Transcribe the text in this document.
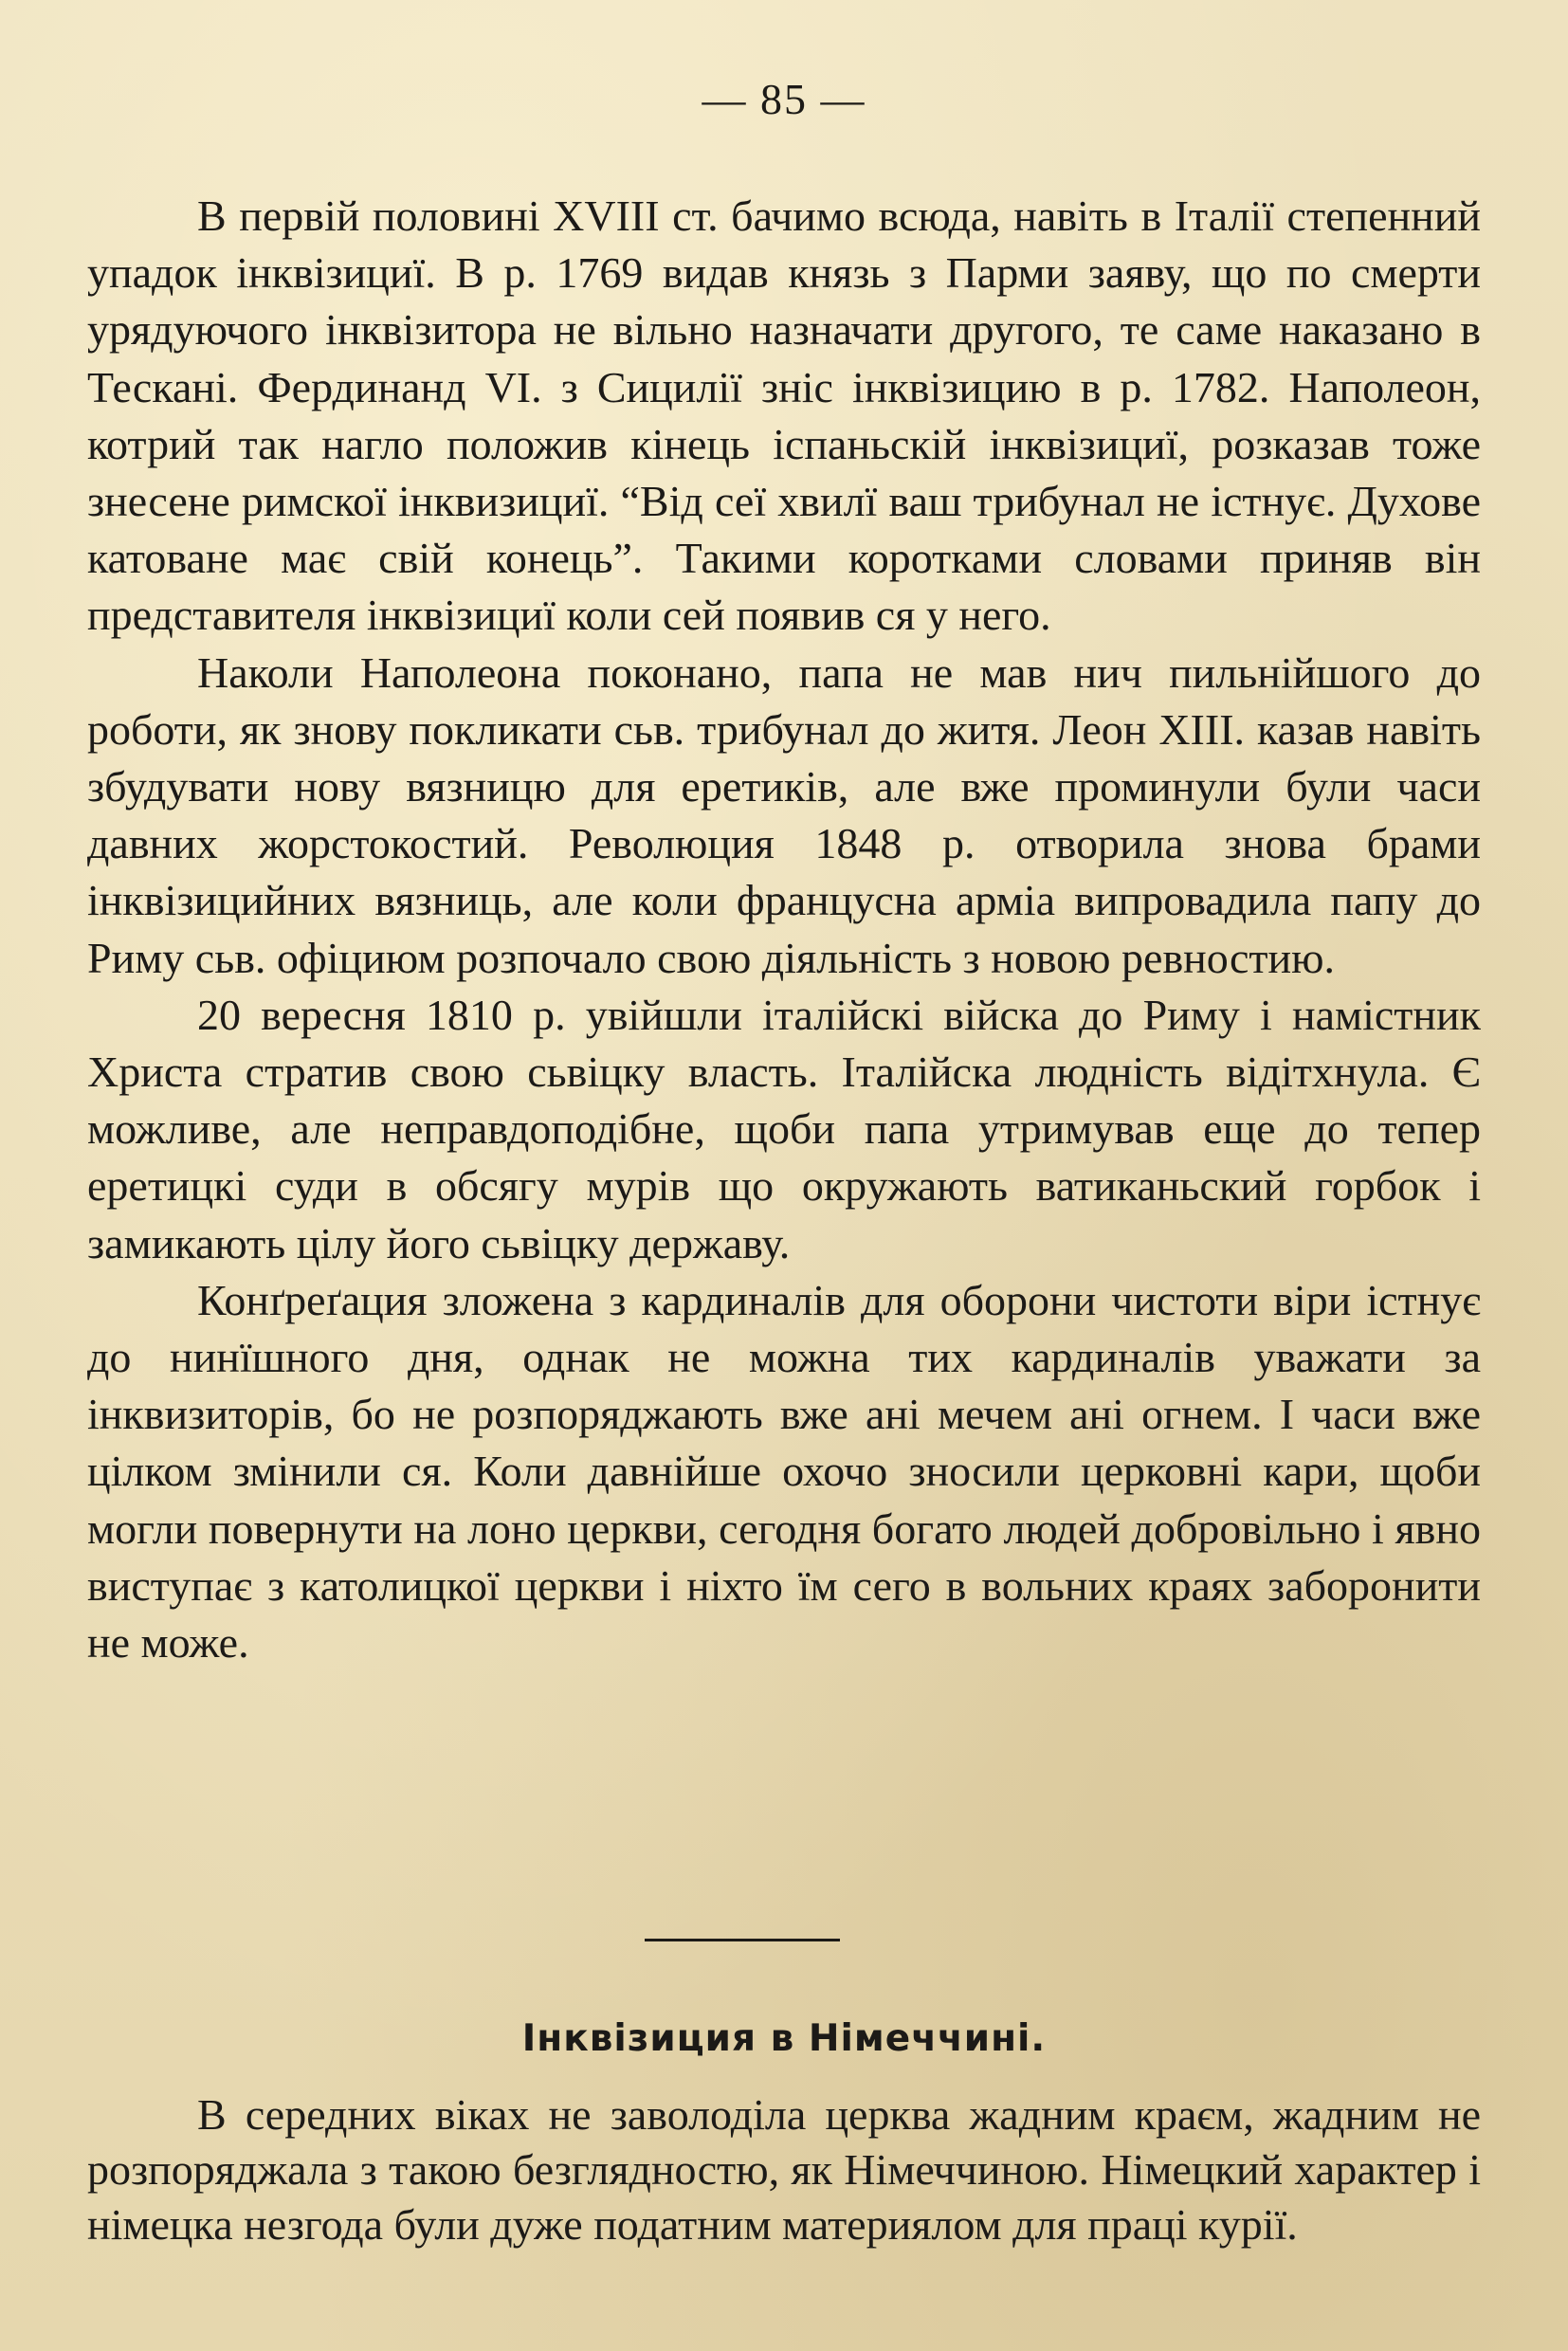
— 85 —

В первій половині XVIII ст. бачимо всюда, навіть в Італії степенний упадок інквізициї. В р. 1769 видав князь з Парми заяву, що по смерти урядуючого інквізитора не вільно назначати другого, те саме наказано в Тескані. Фердинанд VI. з Сицилії зніс інквізицию в р. 1782. Наполеон, котрий так нагло положив кінець іспаньскій інквізициї, розказав тоже знесене римскої інквизициї. “Від сеї хвилї ваш трибунал не істнує. Духове катоване має свій конець”. Такими коротками словами приняв він представителя інквізициї коли сей появив ся у него.

Наколи Наполеона поконано, папа не мав нич пильнійшого до роботи, як знову покликати сьв. трибунал до житя. Леон XIII. казав навіть збудувати нову вязницю для еретиків, але вже проминули були часи давних жорстокостий. Революция 1848 р. отворила знова брами інквізицийних вязниць, але коли францусна арміа випровадила папу до Риму сьв. офіциюм розпочало свою діяльність з новою ревностию.

20 вересня 1810 р. увійшли італійскі війска до Риму і намістник Христа стратив свою сьвіцку власть. Італійска людність відітхнула. Є можливе, але неправдоподібне, щоби папа утримував еще до тепер еретицкі суди в обсягу мурів що окружають ватиканьский горбок і замикають цілу його сьвіцку державу.

Конґреґация зложена з кардиналів для оборони чистоти віри істнує до нинїшного дня, однак не можна тих кардиналів уважати за інквизиторів, бо не розпоряджають вже ані мечем ані огнем. І часи вже цілком змінили ся. Коли давнійше охочо зносили церковні кари, щоби могли повернути на лоно церкви, сегодня богато людей добровільно і явно виступає з католицкої церкви і ніхто їм сего в вольних краях заборонити не може.

Інквізиция в Німеччині.

В середних віках не заволоділа церква жадним краєм, жадним не розпоряджала з такою безглядностю, як Німеччиною. Німецкий характер і німецка незгода були дуже податним материялом для праці курії.
